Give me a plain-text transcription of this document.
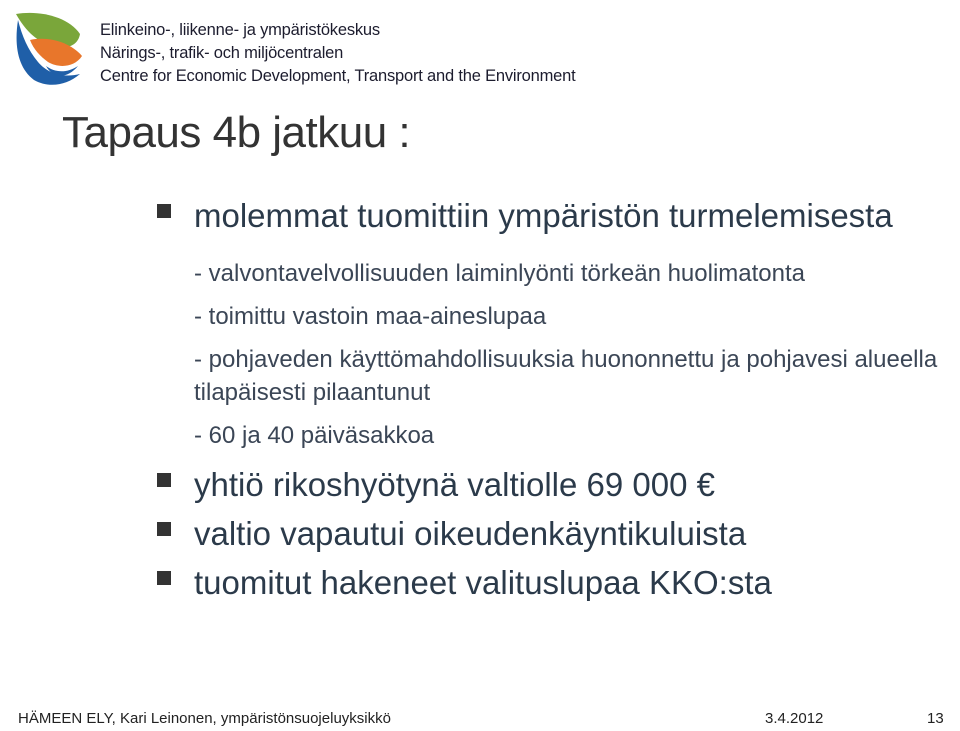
Elinkeino-, liikenne- ja ympäristökeskus
Närings-, trafik- och miljöcentralen
Centre for Economic Development, Transport and the Environment
Tapaus 4b jatkuu :
molemmat tuomittiin ympäristön turmelemisesta
- valvontavelvollisuuden laiminlyönti törkeän huolimatonta
- toimittu vastoin maa-aineslupaa
- pohjaveden käyttömahdollisuuksia huononnettu ja pohjavesi alueella tilapäisesti pilaantunut
- 60 ja 40 päiväsakkoa
yhtiö rikoshyötynä valtiolle 69 000 €
valtio vapautui oikeudenkäyntikuluista
tuomitut hakeneet valituslupaa KKO:sta
HÄMEEN ELY, Kari Leinonen, ympäristönsuojeluyksikkö	3.4.2012	13
